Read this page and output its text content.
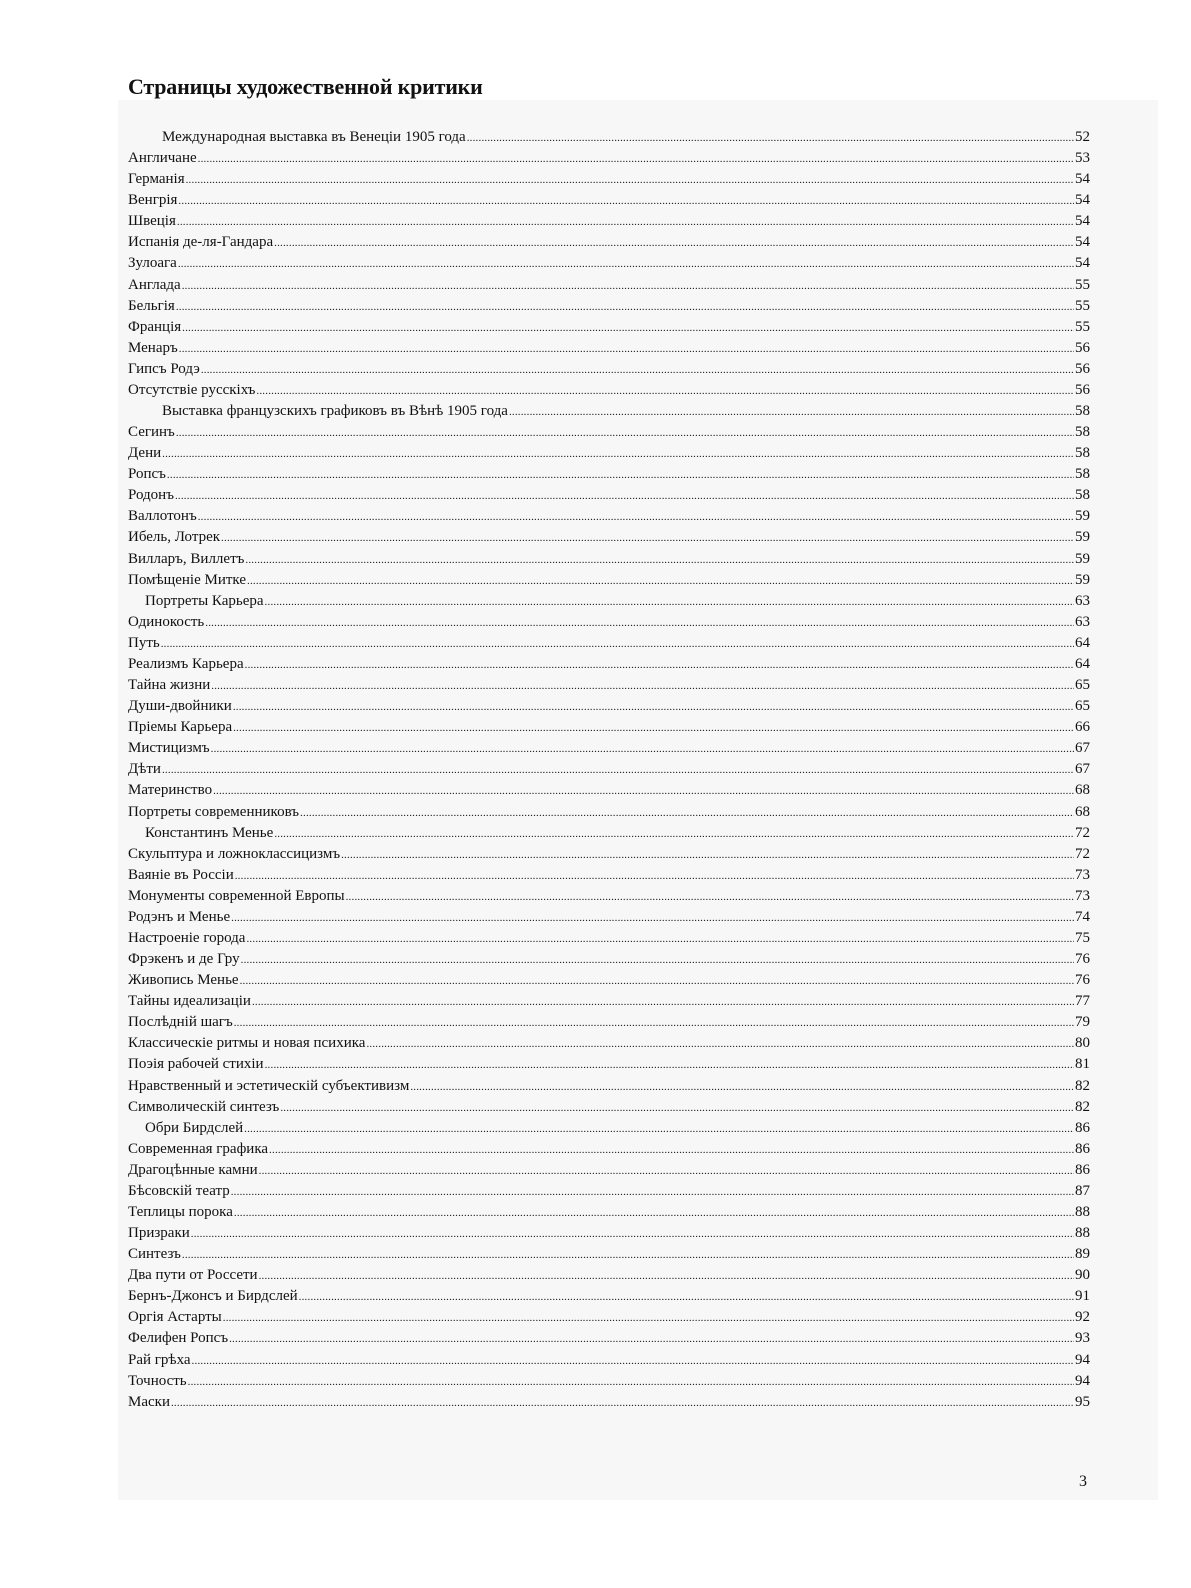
Страницы художественной критики
Международная выставка въ Венеціи 1905 года .....	52
Англичане .....	53
Германія .....	54
Венгрія .....	54
Швеція .....	54
Испанія де-ля-Гандара .....	54
Зулоага .....	54
Англада .....	55
Бельгія .....	55
Франція .....	55
Менаръ .....	56
Гипсъ Родэ .....	56
Отсутствіе русскіхъ .....	56
Выставка французскихъ графиковъ въ Вѣнѣ 1905 года .....	58
Сегинъ .....	58
Дени .....	58
Ропсъ .....	58
Родонъ .....	58
Валлотонъ .....	59
Ибель, Лотрек .....	59
Вилларъ, Виллетъ .....	59
Помѣщеніе Митке .....	59
Портреты Карьера .....	63
Одинокость .....	63
Путь .....	64
Реализмъ Карьера .....	64
Тайна жизни .....	65
Души-двойники .....	65
Пріемы Карьера .....	66
Мистицизмъ .....	67
Дѣти .....	67
Материнство .....	68
Портреты современниковъ .....	68
Константинъ Менье .....	72
Скульптура и ложноклассицизмъ .....	72
Ваяніе въ Россіи .....	73
Монументы современной Европы .....	73
Родэнъ и Менье .....	74
Настроеніе города .....	75
Фрэкенъ и де Гру .....	76
Живопись Менье .....	76
Тайны идеализаціи .....	77
Послѣдній шагъ .....	79
Классическіе ритмы и новая психика .....	80
Поэія рабочей стихіи .....	81
Нравственный и эстетическій субъективизм .....	82
Символическій синтезъ .....	82
Обри Бирдслей .....	86
Современная графика .....	86
Драгоцѣнные камни .....	86
Бѣсовскій театр .....	87
Теплицы порока .....	88
Призраки .....	88
Синтезъ .....	89
Два пути от Россети .....	90
Бернъ-Джонсъ и Бирдслей .....	91
Оргія Астарты .....	92
Фелифен Ропсъ .....	93
Рай грѣха .....	94
Точность .....	94
Маски .....	95
3
